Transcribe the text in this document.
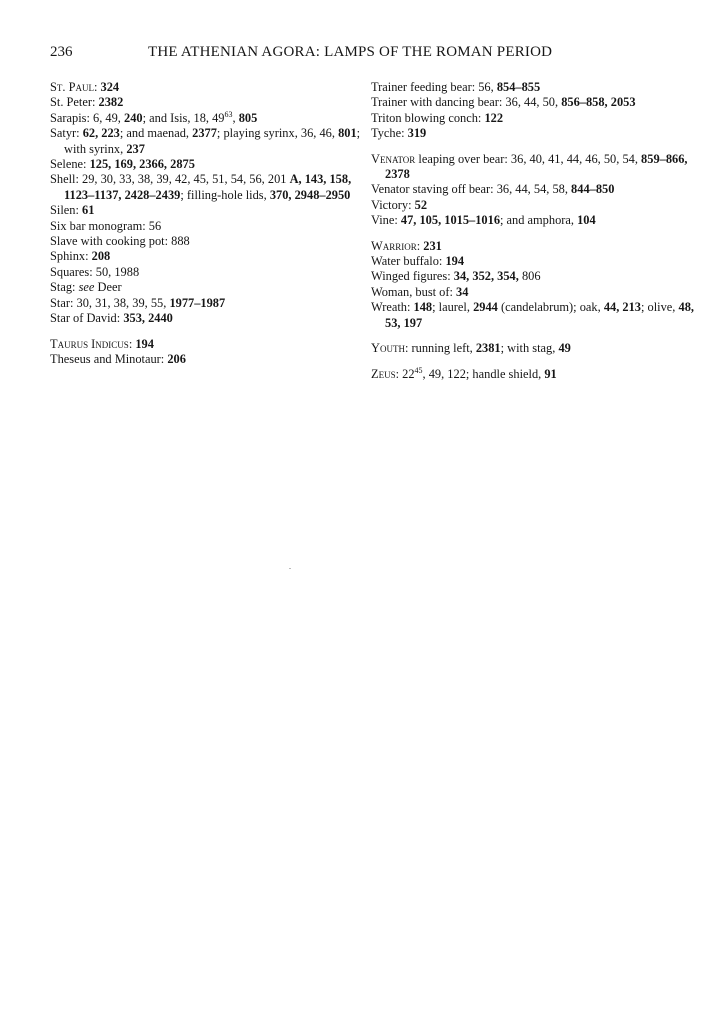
236	THE ATHENIAN AGORA: LAMPS OF THE ROMAN PERIOD
St. Paul: 324
St. Peter: 2382
Sarapis: 6, 49, 240; and Isis, 18, $49^{63}$, 805
Satyr: 62, 223; and maenad, 2377; playing syrinx, 36, 46, 801; with syrinx, 237
Selene: 125, 169, 2366, 2875
Shell: 29, 30, 33, 38, 39, 42, 45, 51, 54, 56, 201 A, 143, 158, 1123–1137, 2428–2439; filling-hole lids, 370, 2948–2950
Silen: 61
Six bar monogram: 56
Slave with cooking pot: 888
Sphinx: 208
Squares: 50, 1988
Stag: see Deer
Star: 30, 31, 38, 39, 55, 1977–1987
Star of David: 353, 2440
Taurus Indicus: 194
Theseus and Minotaur: 206
Trainer feeding bear: 56, 854–855
Trainer with dancing bear: 36, 44, 50, 856–858, 2053
Triton blowing conch: 122
Tyche: 319
Venator leaping over bear: 36, 40, 41, 44, 46, 50, 54, 859–866, 2378
Venator staving off bear: 36, 44, 54, 58, 844–850
Victory: 52
Vine: 47, 105, 1015–1016; and amphora, 104
Warrior: 231
Water buffalo: 194
Winged figures: 34, 352, 354, 806
Woman, bust of: 34
Wreath: 148; laurel, 2944 (candelabrum); oak, 44, 213; olive, 48, 53, 197
Youth: running left, 2381; with stag, 49
Zeus: $22^{45}$, 49, 122; handle shield, 91
